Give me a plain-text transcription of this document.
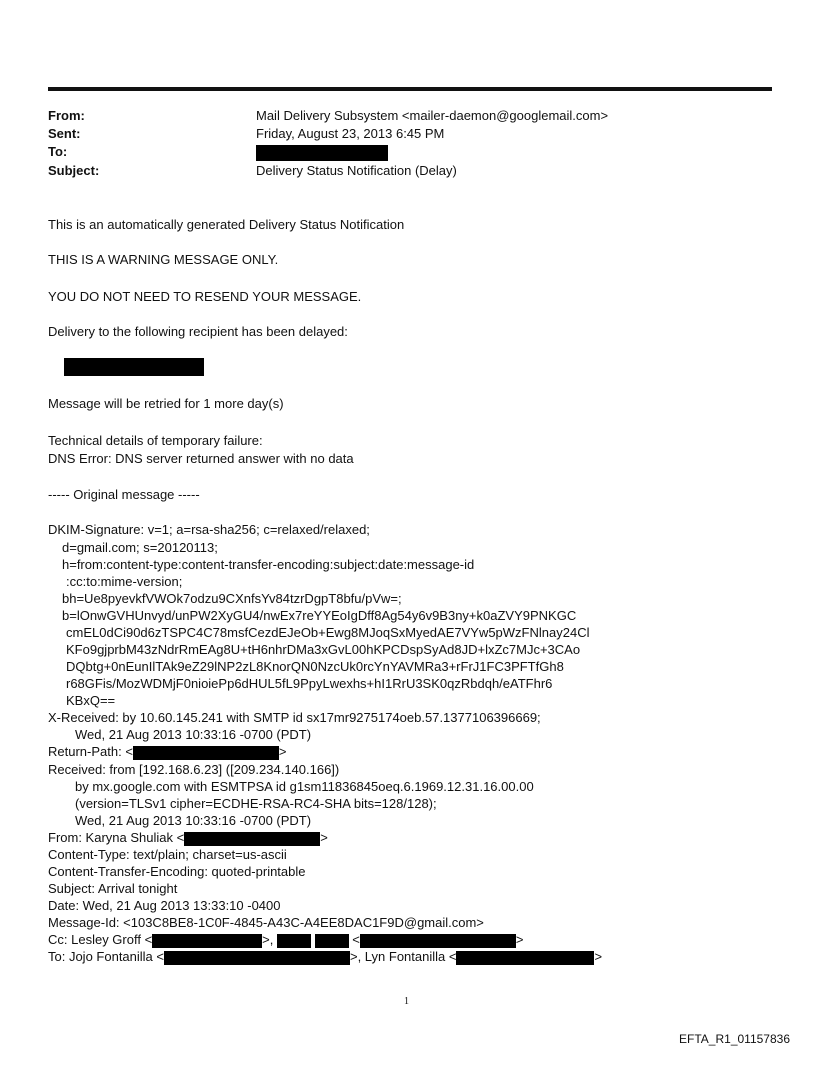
From:	Mail Delivery Subsystem <mailer-daemon@googlemail.com>
Sent:	Friday, August 23, 2013 6:45 PM
To:
Subject:	Delivery Status Notification (Delay)
This is an automatically generated Delivery Status Notification
THIS IS A WARNING MESSAGE ONLY.
YOU DO NOT NEED TO RESEND YOUR MESSAGE.
Delivery to the following recipient has been delayed:
Message will be retried for 1 more day(s)
Technical details of temporary failure:
DNS Error: DNS server returned answer with no data
----- Original message -----
DKIM-Signature: v=1; a=rsa-sha256; c=relaxed/relaxed;
d=gmail.com; s=20120113;
h=from:content-type:content-transfer-encoding:subject:date:message-id
:cc:to:mime-version;
bh=Ue8pyevkfVWOk7odzu9CXnfsYv84tzrDgpT8bfu/pVw=;
b=lOnwGVHUnvyd/unPW2XyGU4/nwEx7reYYEoIgDff8Ag54y6v9B3ny+k0aZVY9PNKGC
cmEL0dCi90d6zTSPC4C78msfCezdEJeOb+Ewg8MJoqSxMyedAE7VYw5pWzFNlnay24Cl
KFo9gjprbM43zNdrRmEAg8U+tH6nhrDMa3xGvL00hKPCDspSyAd8JD+lxZc7MJc+3CAo
DQbtg+0nEunIlTAk9eZ29lNP2zL8KnorQN0NzcUk0rcYnYAVMRa3+rFrJ1FC3PFTfGh8
r68GFis/MozWDMjF0nioiePp6dHUL5fL9PpyLwexhs+hI1RrU3SK0qzRbdqh/eATFhr6
KBxQ==
X-Received: by 10.60.145.241 with SMTP id sx17mr9275174oeb.57.1377106396669;
Wed, 21 Aug 2013 10:33:16 -0700 (PDT)
Return-Path: <	>
Received: from [192.168.6.23] ([209.234.140.166])
by mx.google.com with ESMTPSA id g1sm11836845oeq.6.1969.12.31.16.00.00
(version=TLSv1 cipher=ECDHE-RSA-RC4-SHA bits=128/128);
Wed, 21 Aug 2013 10:33:16 -0700 (PDT)
From: Karyna Shuliak <	>
Content-Type: text/plain; charset=us-ascii
Content-Transfer-Encoding: quoted-printable
Subject: Arrival tonight
Date: Wed, 21 Aug 2013 13:33:10 -0400
Message-Id: <103C8BE8-1C0F-4845-A43C-A4EE8DAC1F9D@gmail.com>
Cc: Lesley Groff <	>,	<	>
To: Jojo Fontanilla <	>, Lyn Fontanilla <	>
1
EFTA_R1_01157836
